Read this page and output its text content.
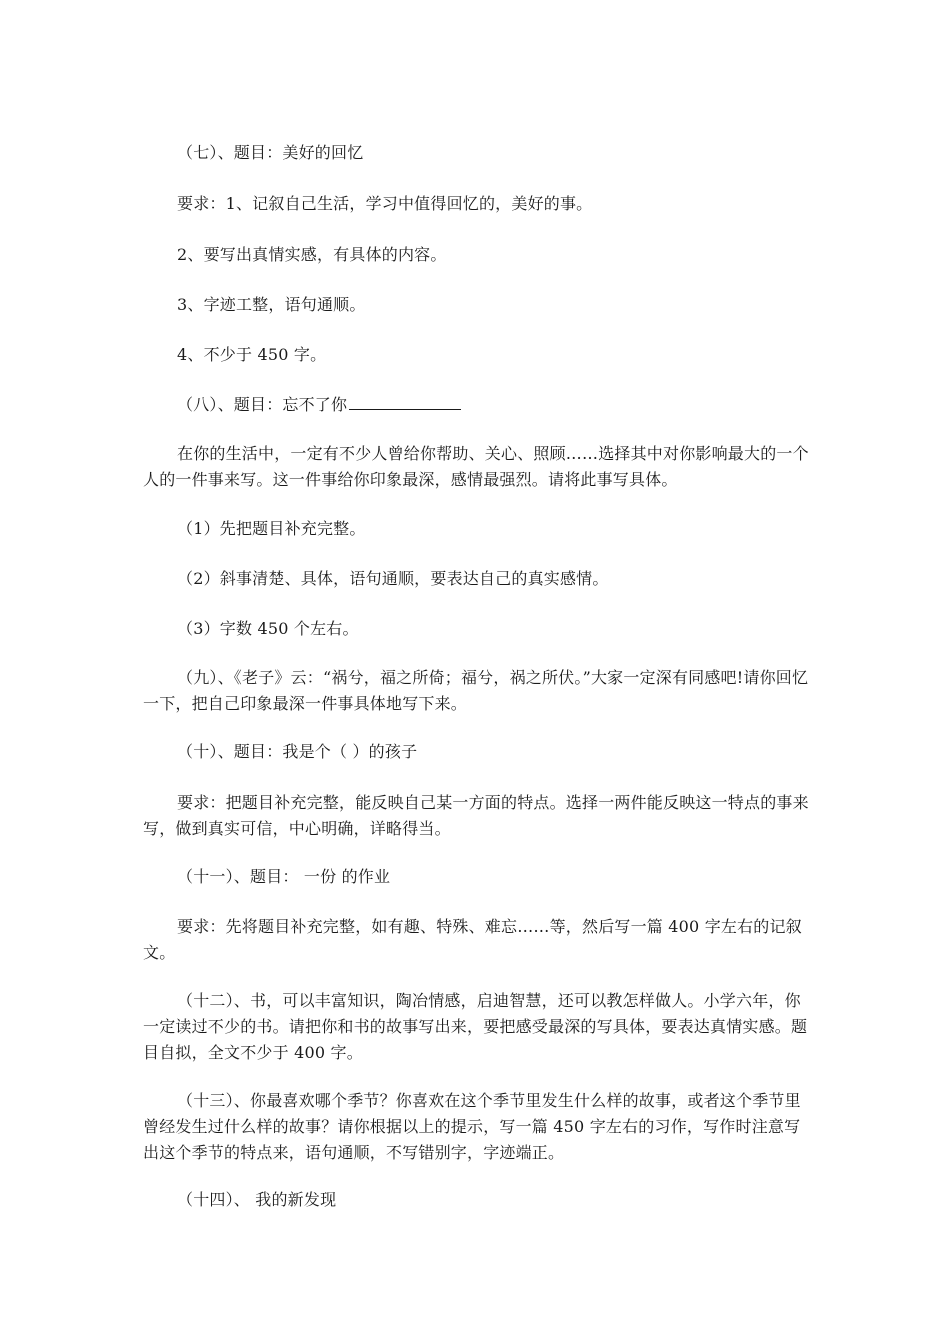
（七）、题目：美好的回忆

要求：1、记叙自己生活，学习中值得回忆的，美好的事。

2、要写出真情实感，有具体的内容。

3、字迹工整，语句通顺。

4、不少于 450 字。

（八）、题目：忘不了你

在你的生活中，一定有不少人曾给你帮助、关心、照顾……选择其中对你影响最大的一个人的一件事来写。这一件事给你印象最深，感情最强烈。请将此事写具体。

（1）先把题目补充完整。

（2）斜事清楚、具体，语句通顺，要表达自己的真实感情。

（3）字数 450 个左右。

（九）、《老子》云：“祸兮，福之所倚；福兮，祸之所伏。”大家一定深有同感吧!请你回忆一下，把自己印象最深一件事具体地写下来。

（十）、题目：我是个（ ）的孩子

要求：把题目补充完整，能反映自己某一方面的特点。选择一两件能反映这一特点的事来写，做到真实可信，中心明确，详略得当。

（十一）、题目： 一份 的作业

要求：先将题目补充完整，如有趣、特殊、难忘……等，然后写一篇 400 字左右的记叙文。

（十二）、书，可以丰富知识，陶冶情感，启迪智慧，还可以教怎样做人。小学六年，你一定读过不少的书。请把你和书的故事写出来，要把感受最深的写具体，要表达真情实感。题目自拟，全文不少于 400 字。

（十三）、你最喜欢哪个季节？你喜欢在这个季节里发生什么样的故事，或者这个季节里曾经发生过什么样的故事？请你根据以上的提示，写一篇 450 字左右的习作，写作时注意写出这个季节的特点来，语句通顺，不写错别字，字迹端正。

（十四）、 我的新发现
